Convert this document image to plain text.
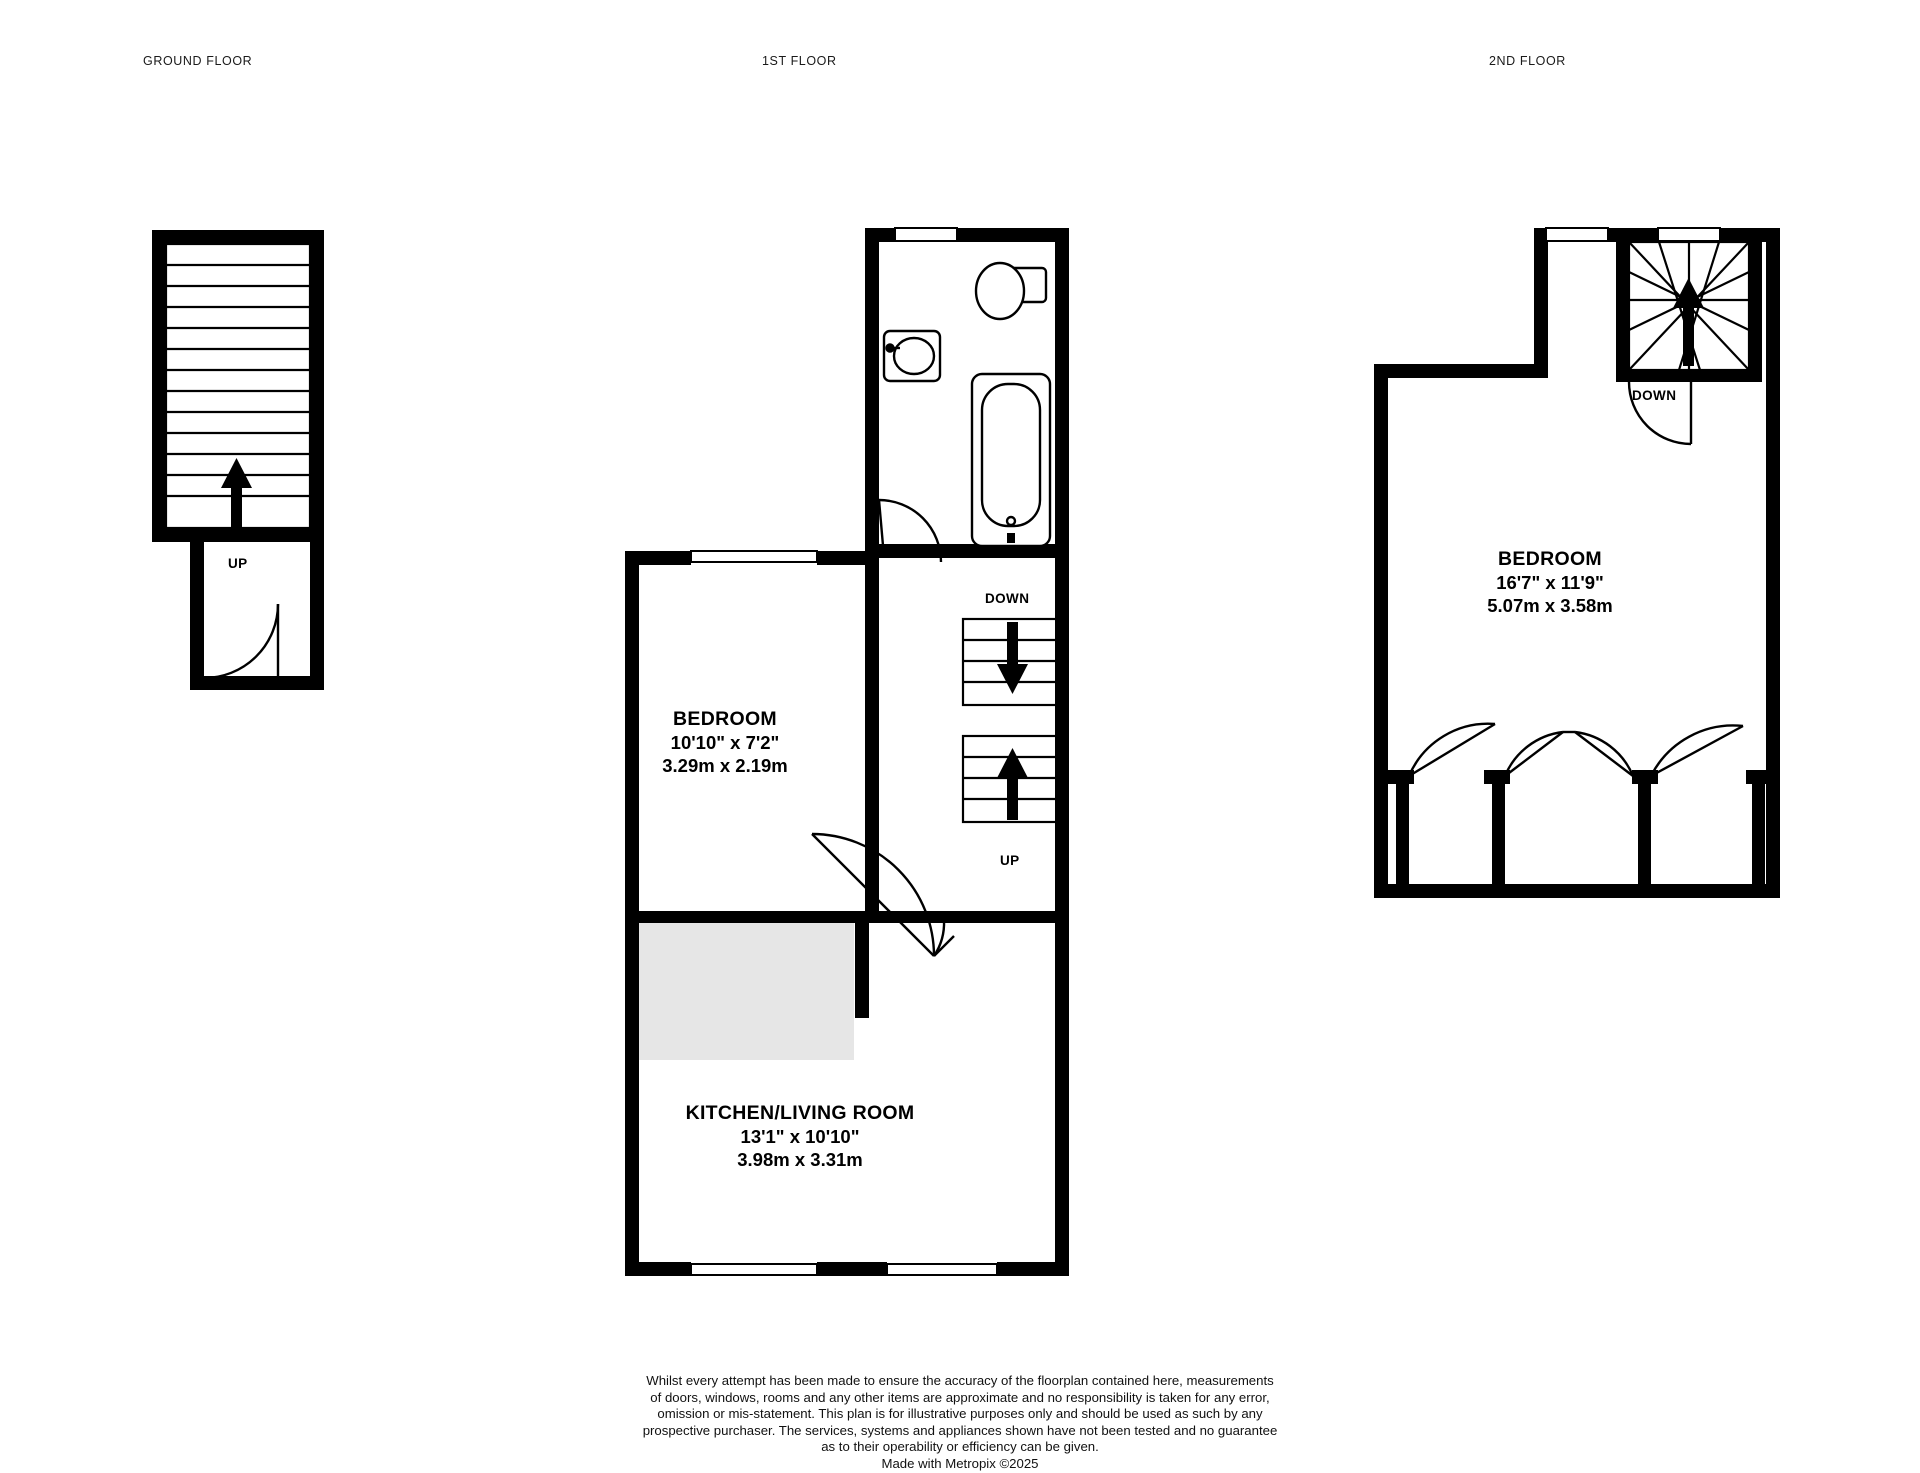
GROUND FLOOR	1ST FLOOR	2ND FLOOR
BEDROOM
10'10" x 7'2"
3.29m x 2.19m
KITCHEN/LIVING ROOM
13'1" x 10'10"
3.98m x 3.31m
BEDROOM
16'7" x 11'9"
5.07m x 3.58m
UP
DOWN
UP
DOWN
Whilst every attempt has been made to ensure the accuracy of the floorplan contained here, measurements
of doors, windows, rooms and any other items are approximate and no responsibility is taken for any error,
omission or mis-statement. This plan is for illustrative purposes only and should be used as such by any
prospective purchaser. The services, systems and appliances shown have not been tested and no guarantee
as to their operability or efficiency can be given.
Made with Metropix ©2025
